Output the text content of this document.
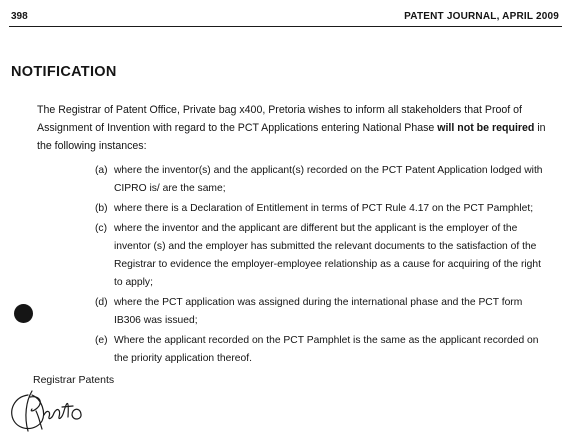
398	PATENT JOURNAL, APRIL 2009
NOTIFICATION

The Registrar of Patent Office, Private bag x400, Pretoria wishes to inform all stakeholders that Proof of Assignment of Invention with regard to the PCT Applications entering National Phase will not be required in the following instances:

(a) where the inventor(s) and the applicant(s) recorded on the PCT Patent Application lodged with CIPRO is/ are the same;
(b) where there is a Declaration of Entitlement in terms of PCT Rule 4.17 on the PCT Pamphlet;
(c) where the inventor and the applicant are different but the applicant is the employer of the inventor (s) and the employer has submitted the relevant documents to the satisfaction of the Registrar to evidence the employer-employee relationship as a cause for acquiring of the right to apply;
(d) where the PCT application was assigned during the international phase and the PCT form IB306 was issued;
(e) Where the applicant recorded on the PCT Pamphlet is the same as the applicant recorded on the priority application thereof.
Registrar Patents
